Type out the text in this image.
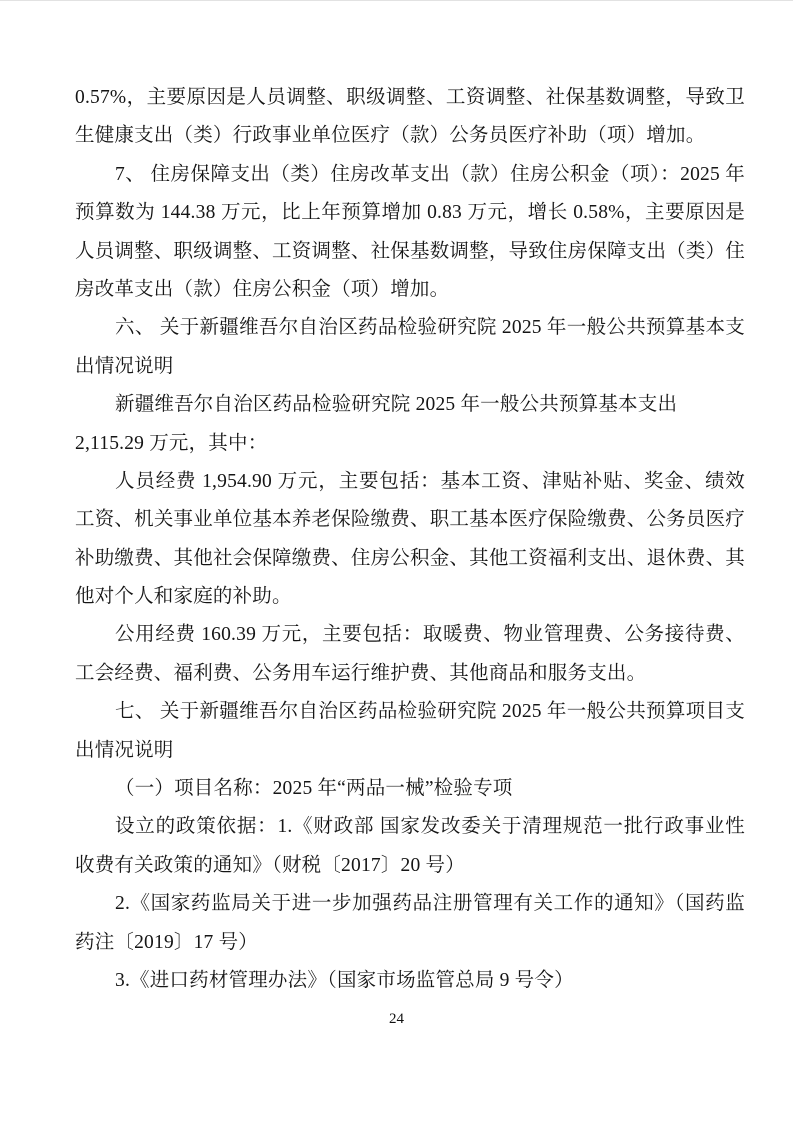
0.57%，主要原因是人员调整、职级调整、工资调整、社保基数调整，导致卫
生健康支出（类）行政事业单位医疗（款）公务员医疗补助（项）增加。
7、 住房保障支出（类）住房改革支出（款）住房公积金（项）：2025 年
预算数为 144.38 万元，比上年预算增加 0.83 万元，增长 0.58%，主要原因是
人员调整、职级调整、工资调整、社保基数调整，导致住房保障支出（类）住
房改革支出（款）住房公积金（项）增加。
六、 关于新疆维吾尔自治区药品检验研究院 2025 年一般公共预算基本支
出情况说明
新疆维吾尔自治区药品检验研究院 2025 年一般公共预算基本支出
2,115.29 万元，其中：
人员经费 1,954.90 万元，主要包括：基本工资、津贴补贴、奖金、绩效
工资、机关事业单位基本养老保险缴费、职工基本医疗保险缴费、公务员医疗
补助缴费、其他社会保障缴费、住房公积金、其他工资福利支出、退休费、其
他对个人和家庭的补助。
公用经费 160.39 万元，主要包括：取暖费、物业管理费、公务接待费、
工会经费、福利费、公务用车运行维护费、其他商品和服务支出。
七、 关于新疆维吾尔自治区药品检验研究院 2025 年一般公共预算项目支
出情况说明
（一）项目名称：2025 年“两品一械”检验专项
设立的政策依据：1.《财政部 国家发改委关于清理规范一批行政事业性
收费有关政策的通知》（财税〔2017〕20 号）
2.《国家药监局关于进一步加强药品注册管理有关工作的通知》（国药监
药注〔2019〕17 号）
3.《进口药材管理办法》（国家市场监管总局 9 号令）
24
